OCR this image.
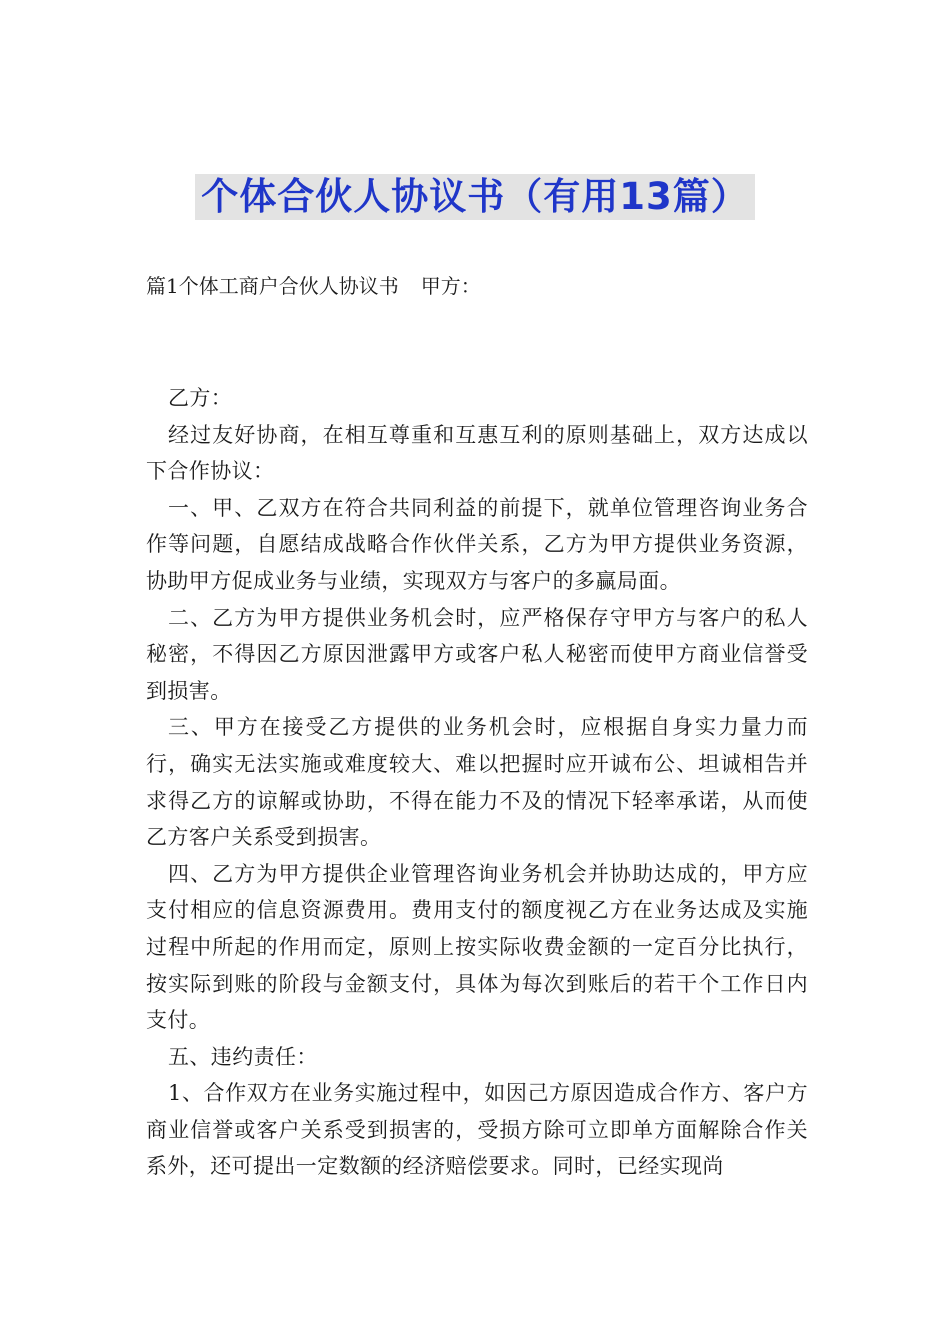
个体合伙人协议书（有用13篇）
篇1个体工商户合伙人协议书 甲方：

乙方：

经过友好协商，在相互尊重和互惠互利的原则基础上，双方达成以下合作协议：

一、甲、乙双方在符合共同利益的前提下，就单位管理咨询业务合作等问题，自愿结成战略合作伙伴关系，乙方为甲方提供业务资源，协助甲方促成业务与业绩，实现双方与客户的多赢局面。

二、乙方为甲方提供业务机会时，应严格保存守甲方与客户的私人秘密，不得因乙方原因泄露甲方或客户私人秘密而使甲方商业信誉受到损害。

三、甲方在接受乙方提供的业务机会时，应根据自身实力量力而行，确实无法实施或难度较大、难以把握时应开诚布公、坦诚相告并求得乙方的谅解或协助，不得在能力不及的情况下轻率承诺，从而使乙方客户关系受到损害。

四、乙方为甲方提供企业管理咨询业务机会并协助达成的，甲方应支付相应的信息资源费用。费用支付的额度视乙方在业务达成及实施过程中所起的作用而定，原则上按实际收费金额的一定百分比执行，按实际到账的阶段与金额支付，具体为每次到账后的若干个工作日内支付。

五、违约责任：

1、合作双方在业务实施过程中，如因己方原因造成合作方、客户方商业信誉或客户关系受到损害的，受损方除可立即单方面解除合作关系外，还可提出一定数额的经济赔偿要求。同时，已经实现尚
